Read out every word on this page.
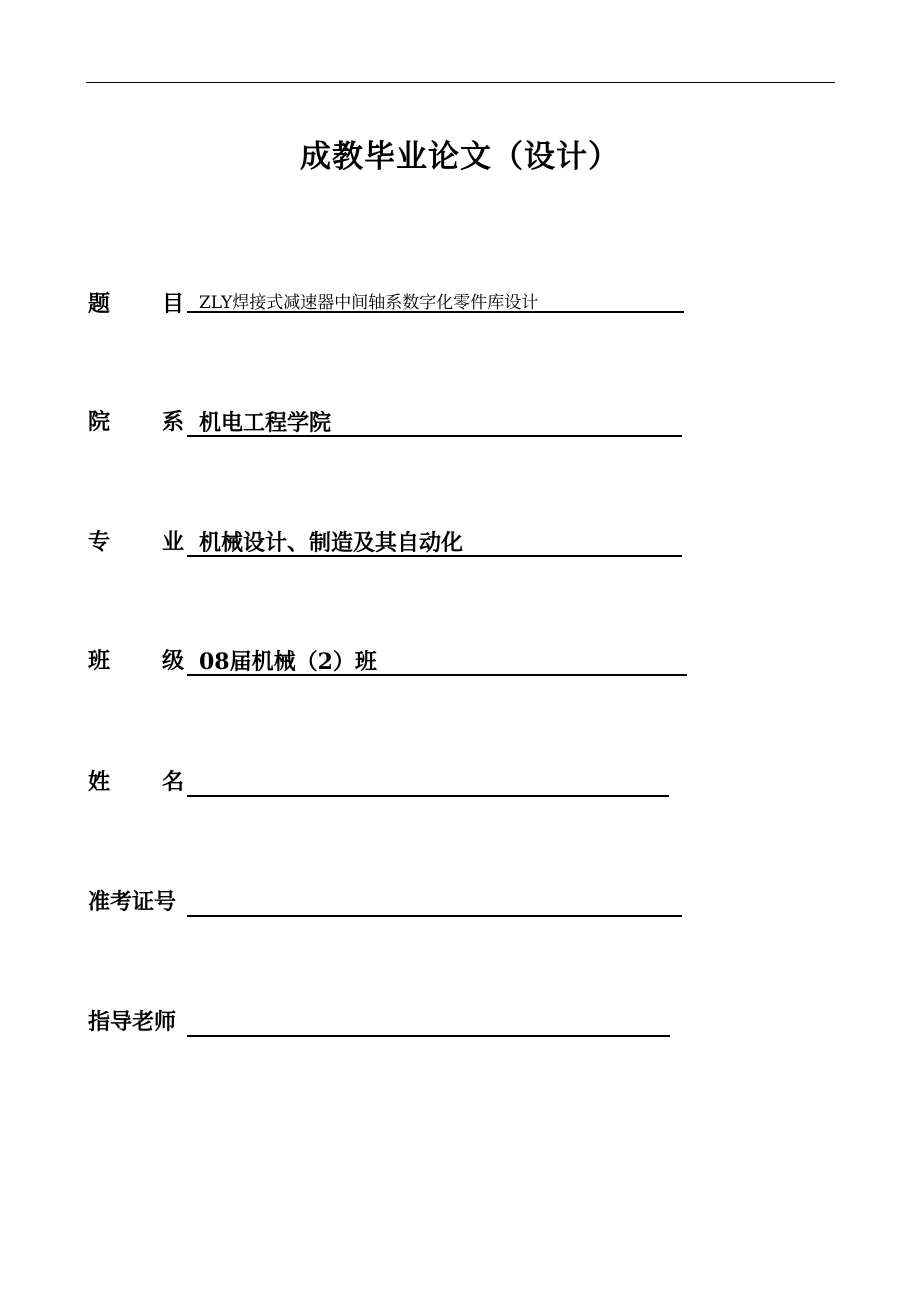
成教毕业论文（设计）
题 目 ZLY焊接式减速器中间轴系数字化零件库设计
院 系 机电工程学院
专 业 机械设计、制造及其自动化
班 级 08届机械（2）班
姓 名
准考证号
指导老师
